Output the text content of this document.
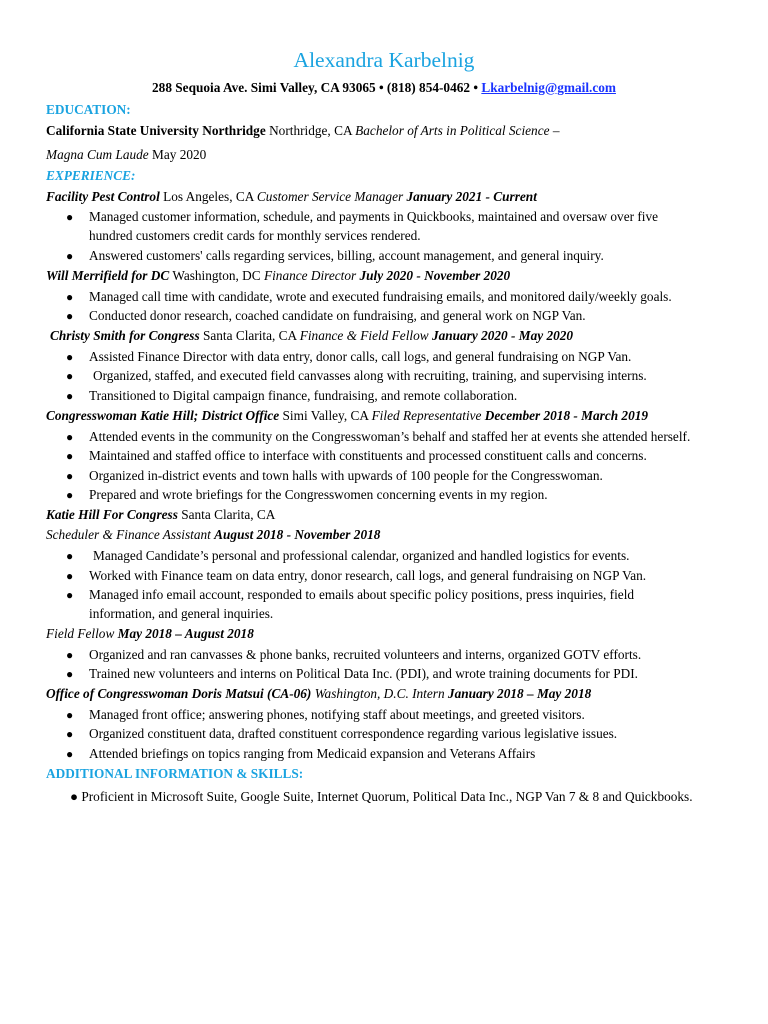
Alexandra Karbelnig
288 Sequoia Ave. Simi Valley, CA 93065 • (818) 854-0462 • Lkarbelnig@gmail.com
EDUCATION:
California State University Northridge Northridge, CA Bachelor of Arts in Political Science –
Magna Cum Laude May 2020
EXPERIENCE:
Facility Pest Control Los Angeles, CA Customer Service Manager January 2021 - Current
● Managed customer information, schedule, and payments in Quickbooks, maintained and oversaw over five
hundred customers credit cards for monthly services rendered.
● Answered customers' calls regarding services, billing, account management, and general inquiry.
Will Merrifield for DC Washington, DC Finance Director July 2020 - November 2020
● Managed call time with candidate, wrote and executed fundraising emails, and monitored daily/weekly goals.
● Conducted donor research, coached candidate on fundraising, and general work on NGP Van.
Christy Smith for Congress Santa Clarita, CA Finance & Field Fellow January 2020 - May 2020
● Assisted Finance Director with data entry, donor calls, call logs, and general fundraising on NGP Van.
● Organized, staffed, and executed field canvasses along with recruiting, training, and supervising interns.
● Transitioned to Digital campaign finance, fundraising, and remote collaboration.
Congresswoman Katie Hill; District Office Simi Valley, CA Filed Representative December 2018 - March 2019
● Attended events in the community on the Congresswoman’s behalf and staffed her at events she attended herself.
● Maintained and staffed office to interface with constituents and processed constituent calls and concerns.
● Organized in-district events and town halls with upwards of 100 people for the Congresswoman.
● Prepared and wrote briefings for the Congresswomen concerning events in my region.
Katie Hill For Congress Santa Clarita, CA
Scheduler & Finance Assistant August 2018 - November 2018
● Managed Candidate’s personal and professional calendar, organized and handled logistics for events.
● Worked with Finance team on data entry, donor research, call logs, and general fundraising on NGP Van.
● Managed info email account, responded to emails about specific policy positions, press inquiries, field
information, and general inquiries.
Field Fellow May 2018 – August 2018
● Organized and ran canvasses & phone banks, recruited volunteers and interns, organized GOTV efforts.
● Trained new volunteers and interns on Political Data Inc. (PDI), and wrote training documents for PDI.
Office of Congresswoman Doris Matsui (CA-06) Washington, D.C. Intern January 2018 – May 2018
● Managed front office; answering phones, notifying staff about meetings, and greeted visitors.
● Organized constituent data, drafted constituent correspondence regarding various legislative issues.
● Attended briefings on topics ranging from Medicaid expansion and Veterans Affairs
ADDITIONAL INFORMATION & SKILLS:
● Proficient in Microsoft Suite, Google Suite, Internet Quorum, Political Data Inc., NGP Van 7 & 8 and Quickbooks.
